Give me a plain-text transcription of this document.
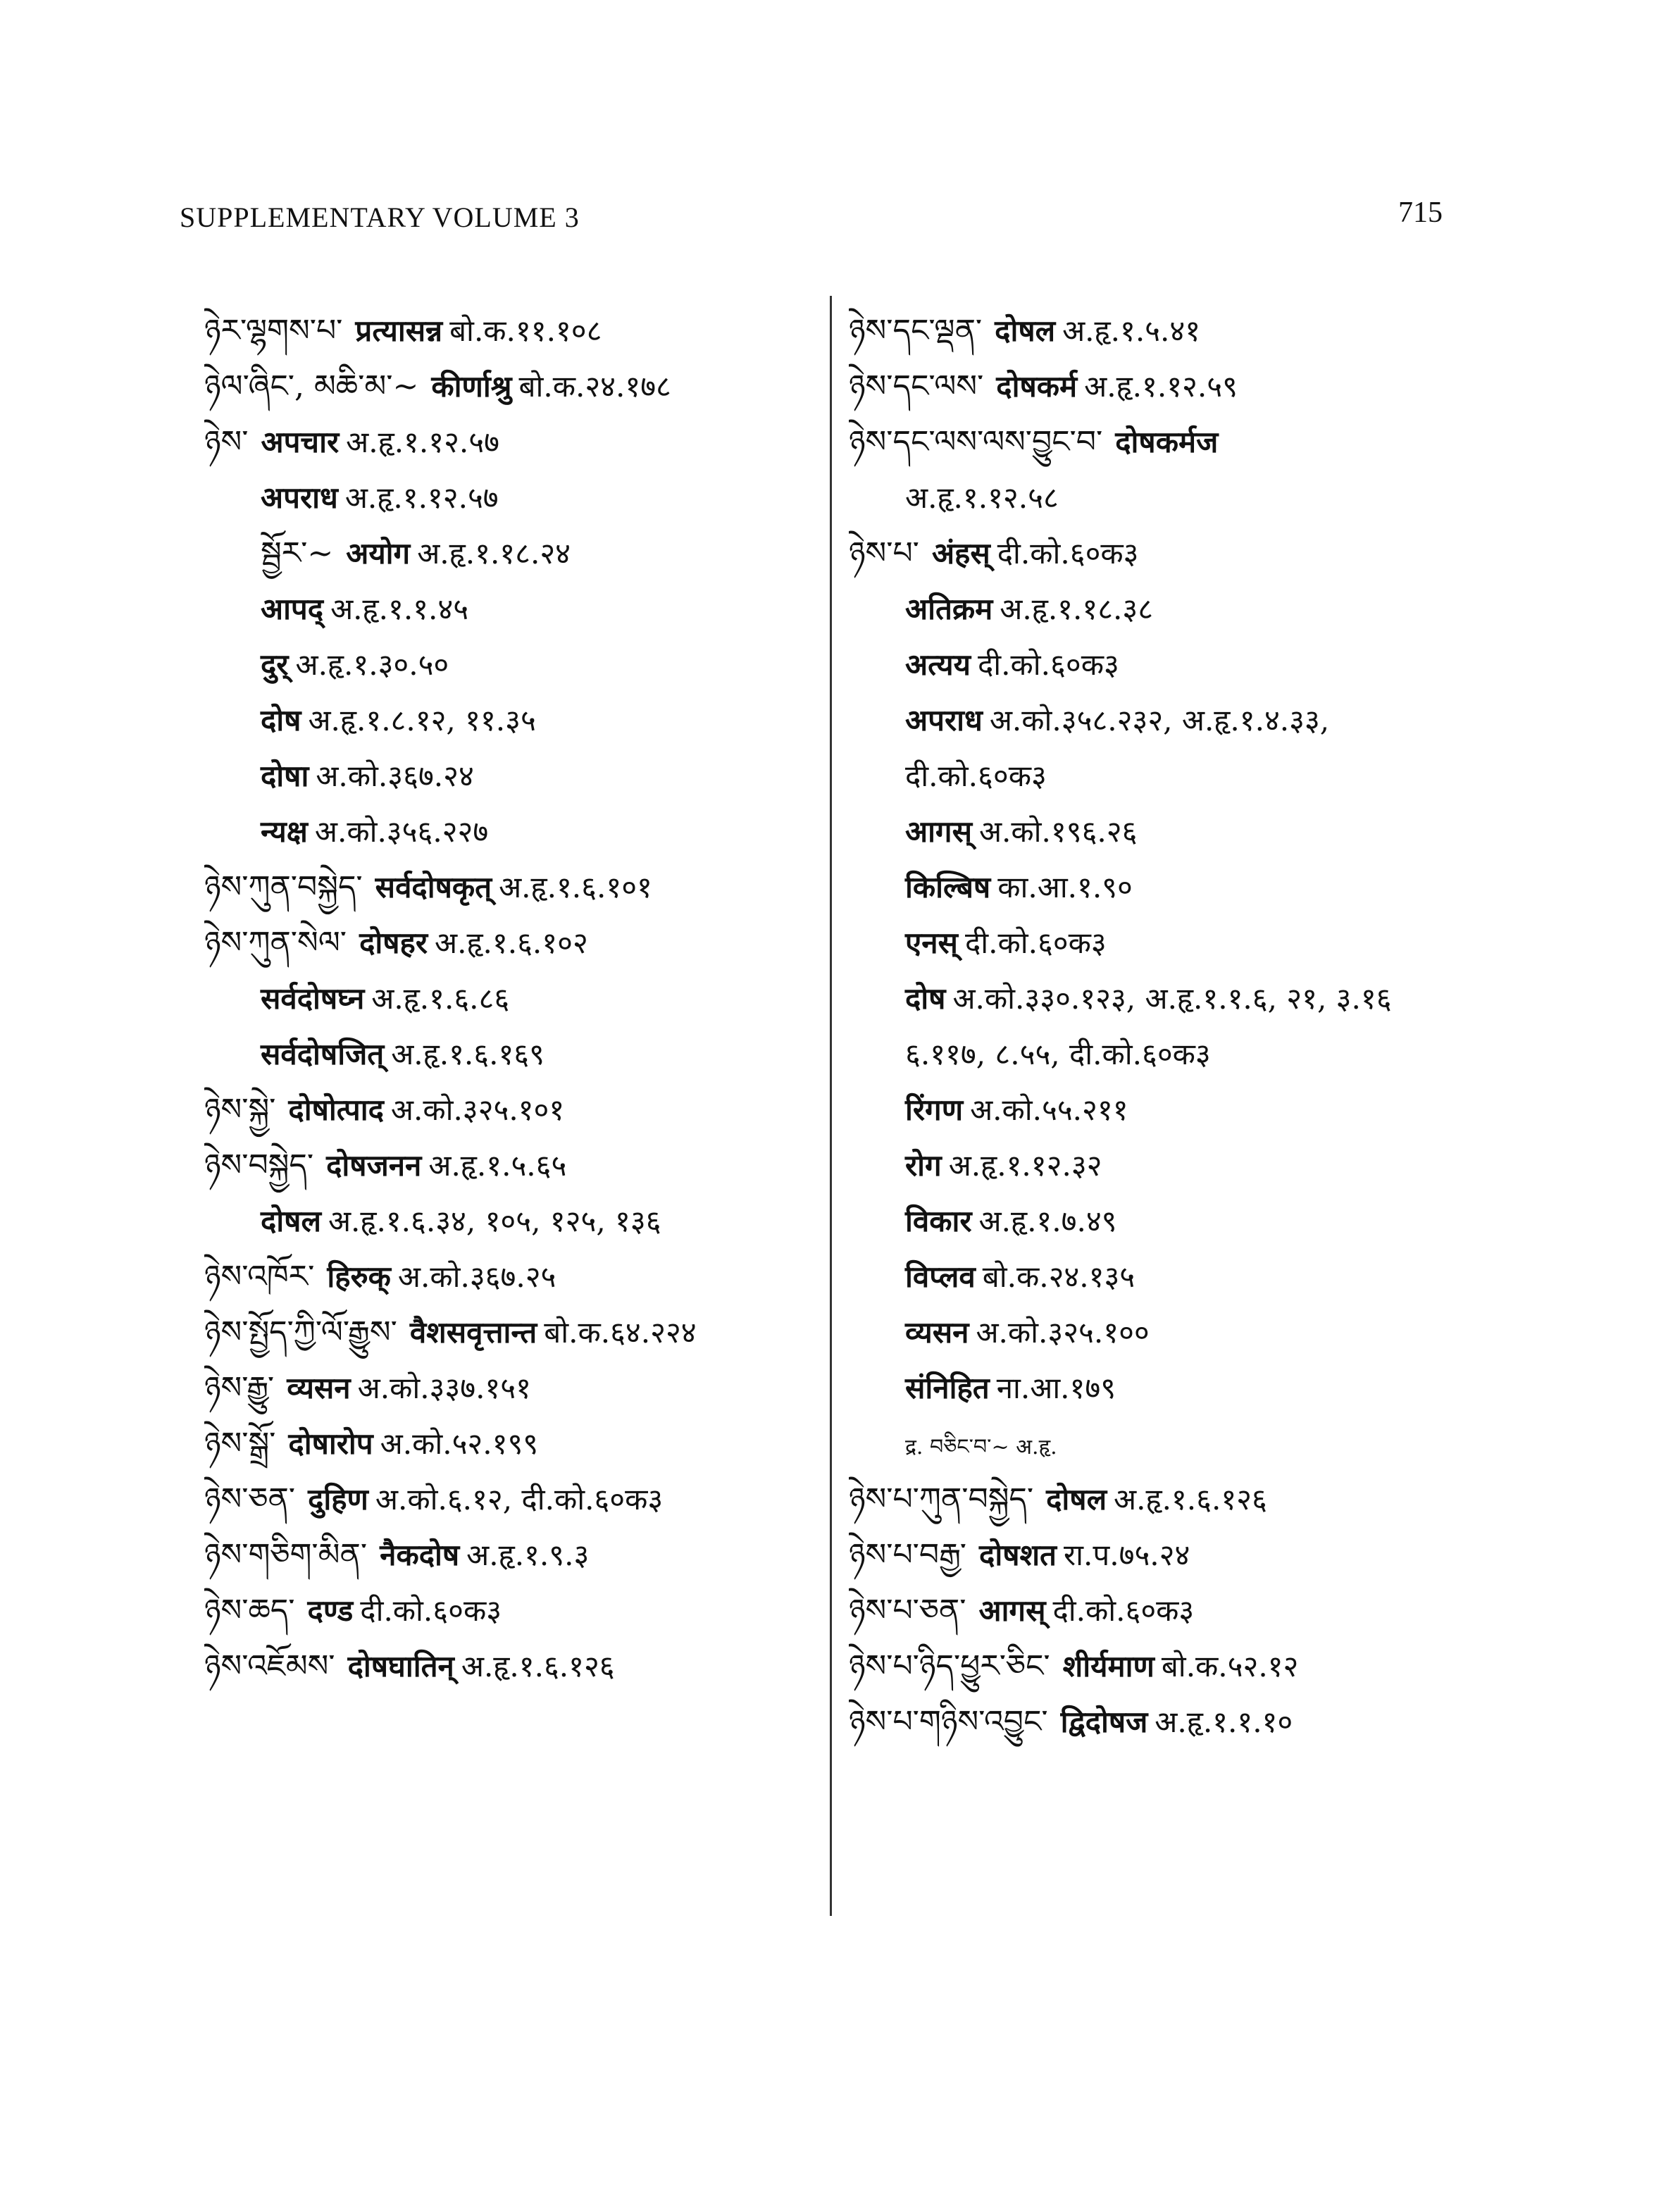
SUPPLEMENTARY VOLUME 3	715
ཉེར་ལྷགས་པ་ प्रत्यासन्न बो.क.११.१०८
ཉེལ་ཞིང་, མཆི་མ་~ कीर्णाश्रु बो.क.२४.१७८
ཉེས་ अपचार अ.हृ.१.१२.५७
अपराध अ.हृ.१.१२.५७
སྦྱོར་~ अयोग अ.हृ.१.१८.२४
आपद् अ.हृ.१.१.४५
दुर् अ.हृ.१.३०.५०
दोष अ.हृ.१.८.१२, ११.३५
दोषा अ.को.३६७.२४
न्यक्ष अ.को.३५६.२२७
ཉེས་ཀུན་བསྐྱེད་ सर्वदोषकृत् अ.हृ.१.६.१०१
ཉེས་ཀུན་སེལ་ दोषहर अ.हृ.१.६.१०२
सर्वदोषघ्न अ.हृ.१.६.८६
सर्वदोषजित् अ.हृ.१.६.१६९
ཉེས་སྐྱེ་ दोषोत्पाद अ.को.३२५.१०१
ཉེས་བསྐྱེད་ दोषजनन अ.हृ.१.५.६५
दोषल अ.हृ.१.६.३४, १०५, १२५, १३६
ཉེས་འཁོར་ हिरुक् अ.को.३६७.२५
ཉེས་སྤྱོད་ཀྱི་ལོ་རྒྱུས་ वैशसवृत्तान्त बो.क.६४.२२४
ཉེས་རྒྱུ་ व्यसन अ.को.३३७.१५१
ཉེས་སྒྲོ་ दोषारोप अ.को.५२.१९९
ཉེས་ཅན་ दुहिण अ.को.६.१२, दी.को.६०क३
ཉེས་གཅིག་མིན་ नैकदोष अ.हृ.१.९.३
ཉེས་ཆད་ दण्ड दी.को.६०क३
ཉེས་འཇོམས་ दोषघातिन् अ.हृ.१.६.१२६
ཉེས་དང་ལྡན་ दोषल अ.हृ.१.५.४१
ཉེས་དང་ལས་ दोषकर्म अ.हृ.१.१२.५९
ཉེས་དང་ལས་ལས་བྱུང་བ་ दोषकर्मज
अ.हृ.१.१२.५८
ཉེས་པ་ अंहस् दी.को.६०क३
अतिक्रम अ.हृ.१.१८.३८
अत्यय दी.को.६०क३
अपराध अ.को.३५८.२३२, अ.हृ.१.४.३३,
दी.को.६०क३
आगस् अ.को.१९६.२६
किल्बिष का.आ.१.९०
एनस् दी.को.६०क३
दोष अ.को.३३०.१२३, अ.हृ.१.१.६, २१, ३.१६
६.११७, ८.५५, दी.को.६०क३
रिंगण अ.को.५५.२११
रोग अ.हृ.१.१२.३२
विकार अ.हृ.१.७.४९
विप्लव बो.क.२४.१३५
व्यसन अ.को.३२५.१००
संनिहित ना.आ.१७९
द्र. བཅིང་བ་~ अ.हृ.
ཉེས་པ་ཀུན་བསྐྱེད་ दोषल अ.हृ.१.६.१२६
ཉེས་པ་བརྒྱ་ दोषशत रा.प.७५.२४
ཉེས་པ་ཅན་ आगस् दी.को.६०क३
ཉེས་པ་ཉིད་ཕྱུར་ཅིང་ शीर्यमाण बो.क.५२.१२
ཉེས་པ་གཉིས་འབྱུང་ द्विदोषज अ.हृ.१.१.१०
